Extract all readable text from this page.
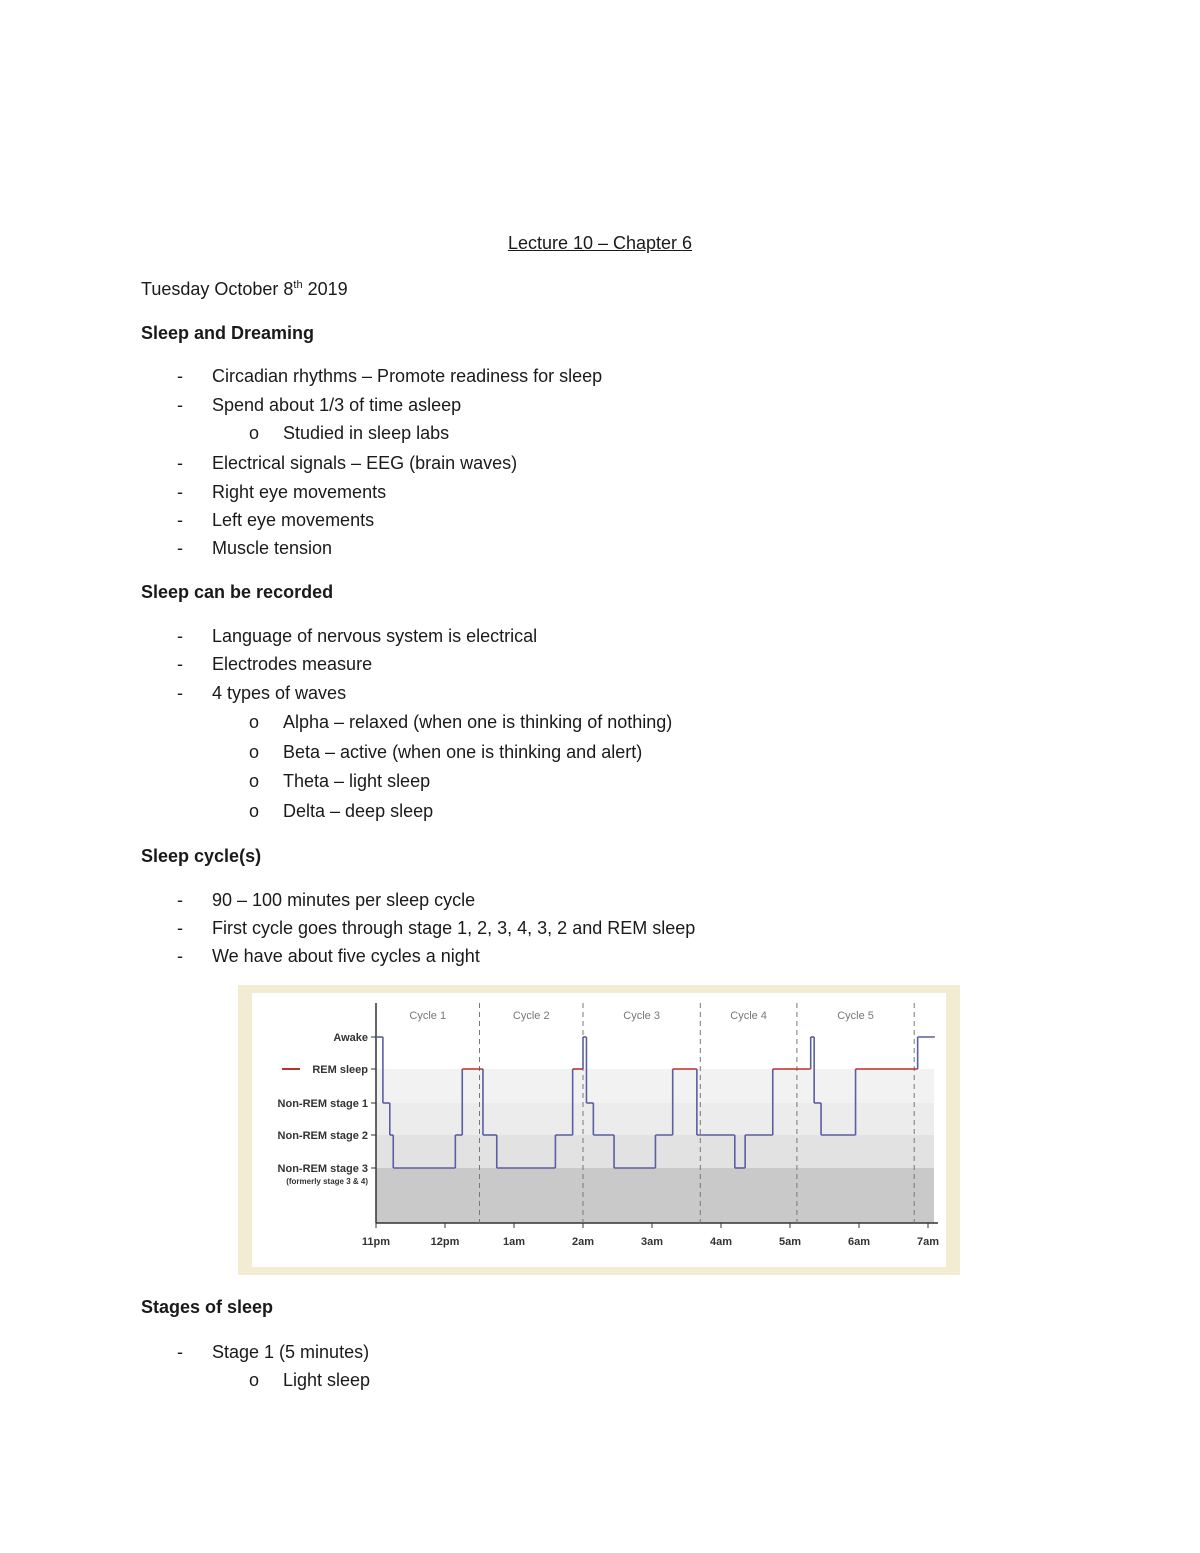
Lecture 10 – Chapter 6
Tuesday October 8th 2019
Sleep and Dreaming
- Circadian rhythms – Promote readiness for sleep
- Spend about 1/3 of time asleep
o Studied in sleep labs
- Electrical signals – EEG (brain waves)
- Right eye movements
- Left eye movements
- Muscle tension
Sleep can be recorded
- Language of nervous system is electrical
- Electrodes measure
- 4 types of waves
o Alpha – relaxed (when one is thinking of nothing)
o Beta – active (when one is thinking and alert)
o Theta – light sleep
o Delta – deep sleep
Sleep cycle(s)
- 90 – 100 minutes per sleep cycle
- First cycle goes through stage 1, 2, 3, 4, 3, 2 and REM sleep
- We have about five cycles a night
Awake
REM sleep
Non-REM stage 1
Non-REM stage 2
Non-REM stage 3
(formerly stage 3 & 4)
11pm	12pm	1am	2am	3am	4am	5am	6am	7am
Cycle 1	Cycle 2	Cycle 3	Cycle 4	Cycle 5
Stages of sleep
- Stage 1 (5 minutes)
o Light sleep
